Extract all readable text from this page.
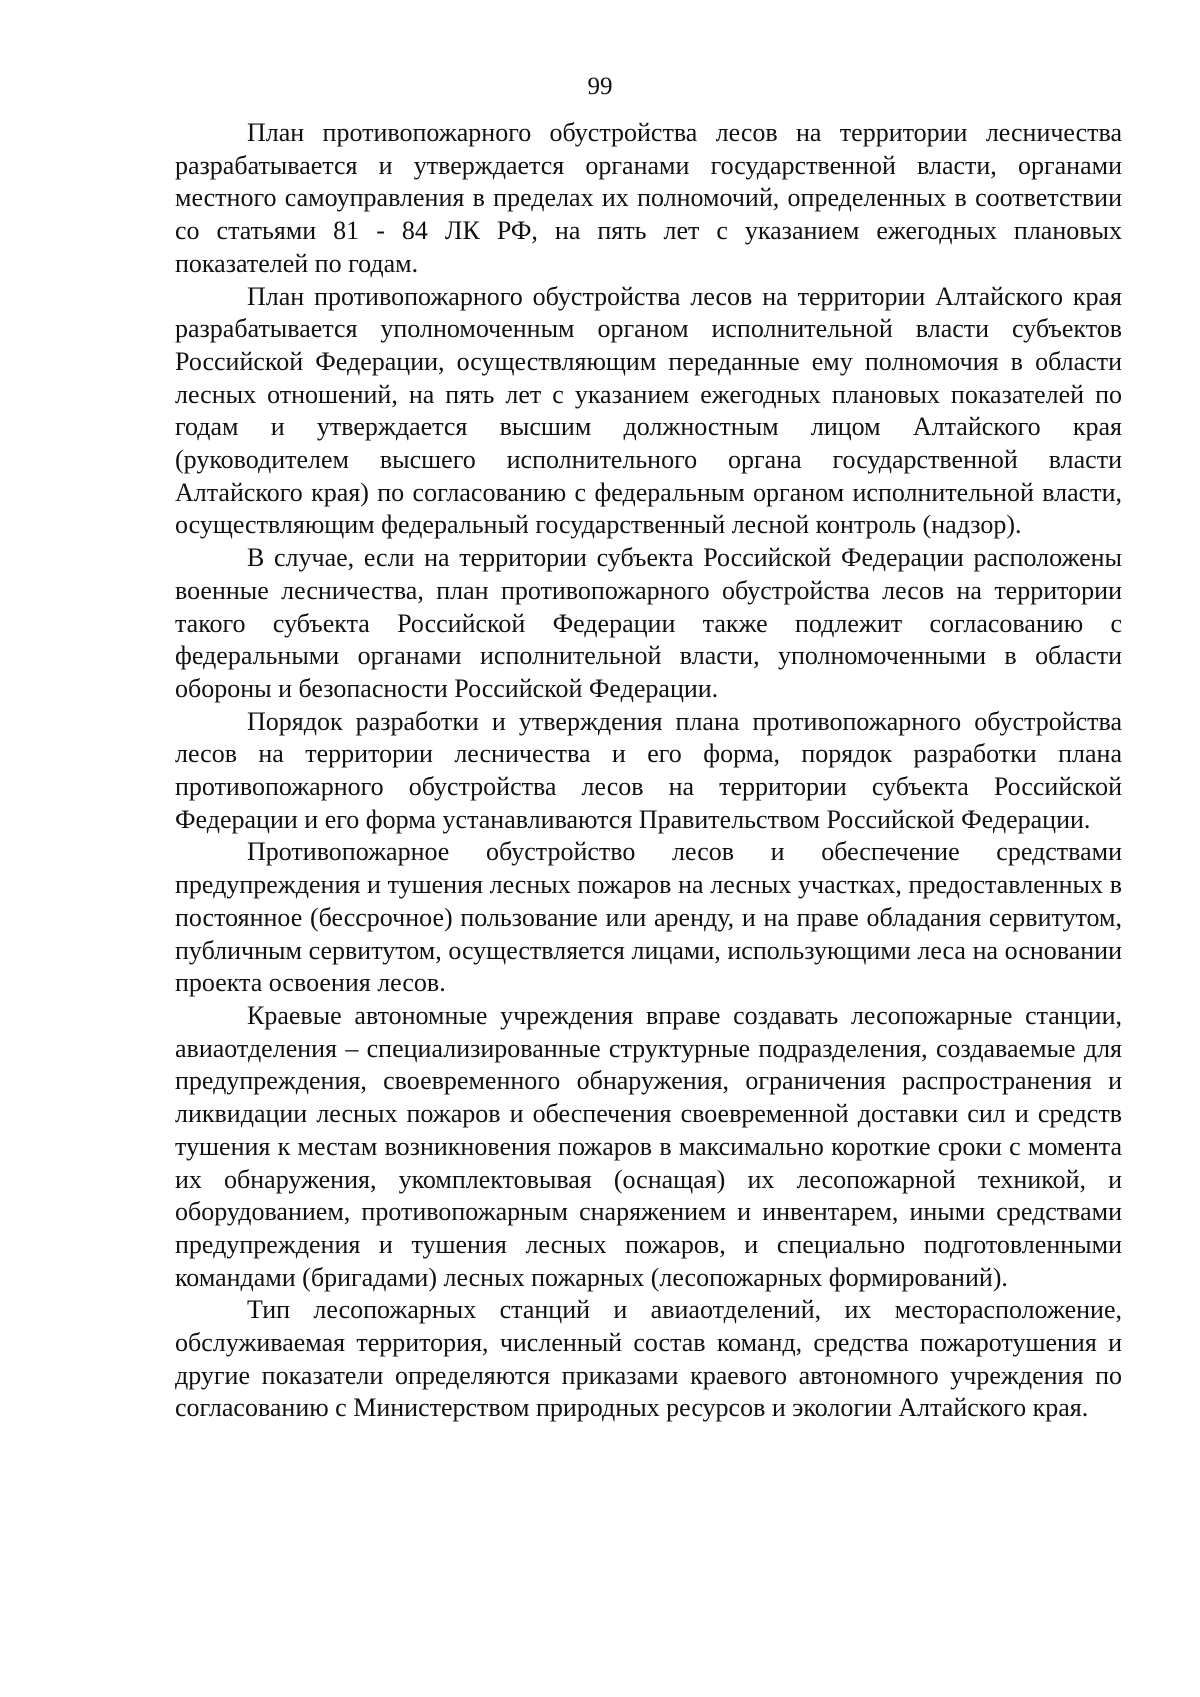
99

План противопожарного обустройства лесов на территории лесничества разрабатывается и утверждается органами государственной власти, органами местного самоуправления в пределах их полномочий, определенных в соответствии со статьями 81 - 84 ЛК РФ, на пять лет с указанием ежегодных плановых показателей по годам.

План противопожарного обустройства лесов на территории Алтайского края разрабатывается уполномоченным органом исполнительной власти субъектов Российской Федерации, осуществляющим переданные ему полномочия в области лесных отношений, на пять лет с указанием ежегодных плановых показателей по годам и утверждается высшим должностным лицом Алтайского края (руководителем высшего исполнительного органа государственной власти Алтайского края) по согласованию с федеральным органом исполнительной власти, осуществляющим федеральный государственный лесной контроль (надзор).

В случае, если на территории субъекта Российской Федерации расположены военные лесничества, план противопожарного обустройства лесов на территории такого субъекта Российской Федерации также подлежит согласованию с федеральными органами исполнительной власти, уполномоченными в области обороны и безопасности Российской Федерации.

Порядок разработки и утверждения плана противопожарного обустройства лесов на территории лесничества и его форма, порядок разработки плана противопожарного обустройства лесов на территории субъекта Российской Федерации и его форма устанавливаются Правительством Российской Федерации.

Противопожарное обустройство лесов и обеспечение средствами предупреждения и тушения лесных пожаров на лесных участках, предоставленных в постоянное (бессрочное) пользование или аренду, и на праве обладания сервитутом, публичным сервитутом, осуществляется лицами, использующими леса на основании проекта освоения лесов.

Краевые автономные учреждения вправе создавать лесопожарные станции, авиаотделения – специализированные структурные подразделения, создаваемые для предупреждения, своевременного обнаружения, ограничения распространения и ликвидации лесных пожаров и обеспечения своевременной доставки сил и средств тушения к местам возникновения пожаров в максимально короткие сроки с момента их обнаружения, укомплектовывая (оснащая) их лесопожарной техникой, и оборудованием, противопожарным снаряжением и инвентарем, иными средствами предупреждения и тушения лесных пожаров, и специально подготовленными командами (бригадами) лесных пожарных (лесопожарных формирований).

Тип лесопожарных станций и авиаотделений, их месторасположение, обслуживаемая территория, численный состав команд, средства пожаротушения и другие показатели определяются приказами краевого автономного учреждения по согласованию с Министерством природных ресурсов и экологии Алтайского края.
